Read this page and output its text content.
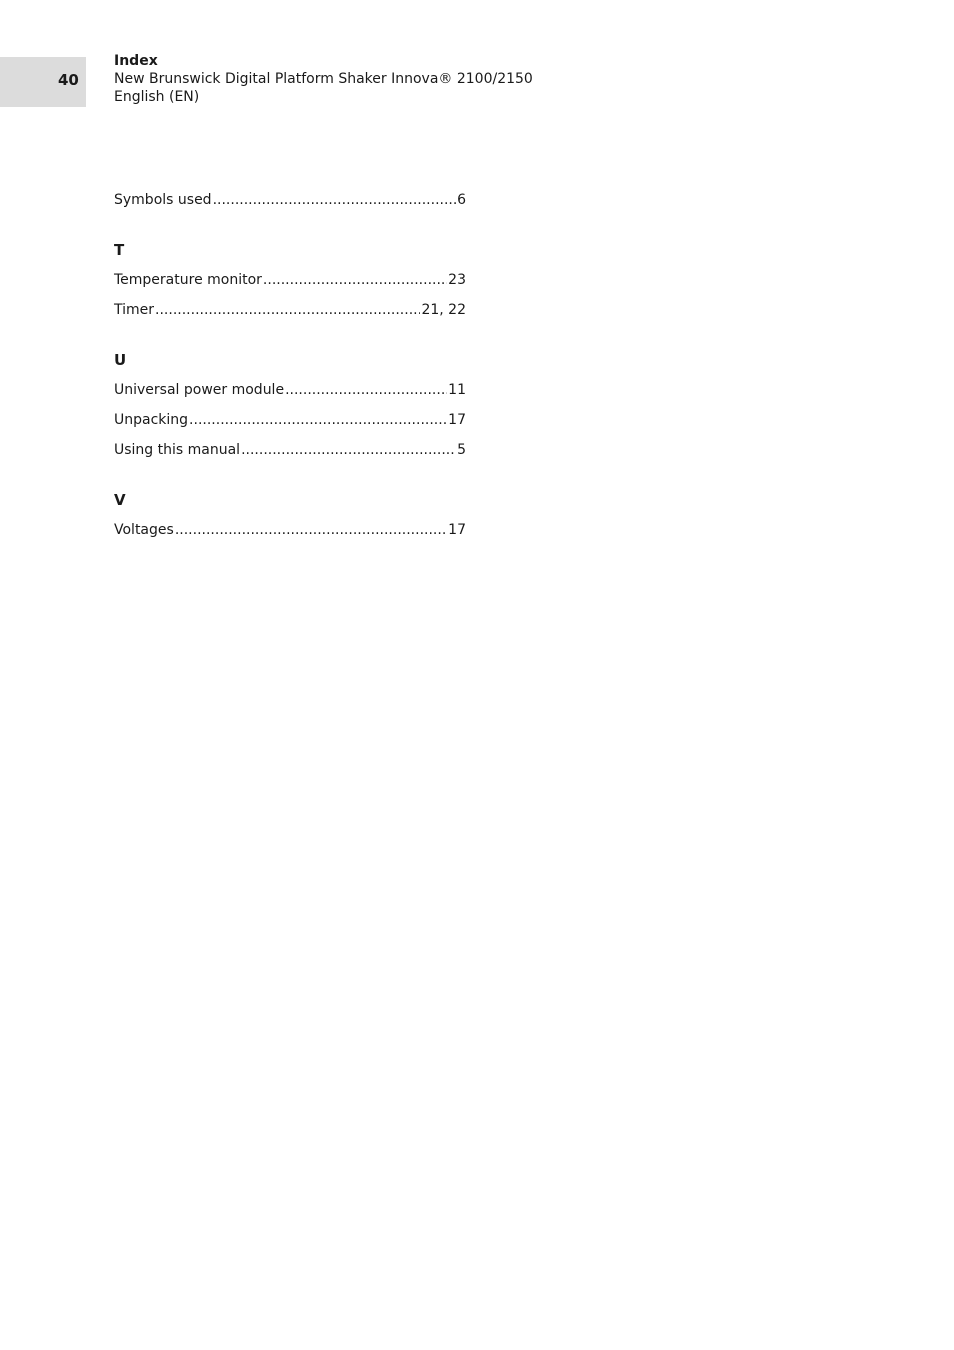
40
Index
New Brunswick Digital Platform Shaker Innova® 2100/2150
English (EN)
Symbols used .....	6
T
Temperature monitor .....	23
Timer .....	21, 22
U
Universal power module .....	11
Unpacking .....	17
Using this manual .....	5
V
Voltages .....	17
